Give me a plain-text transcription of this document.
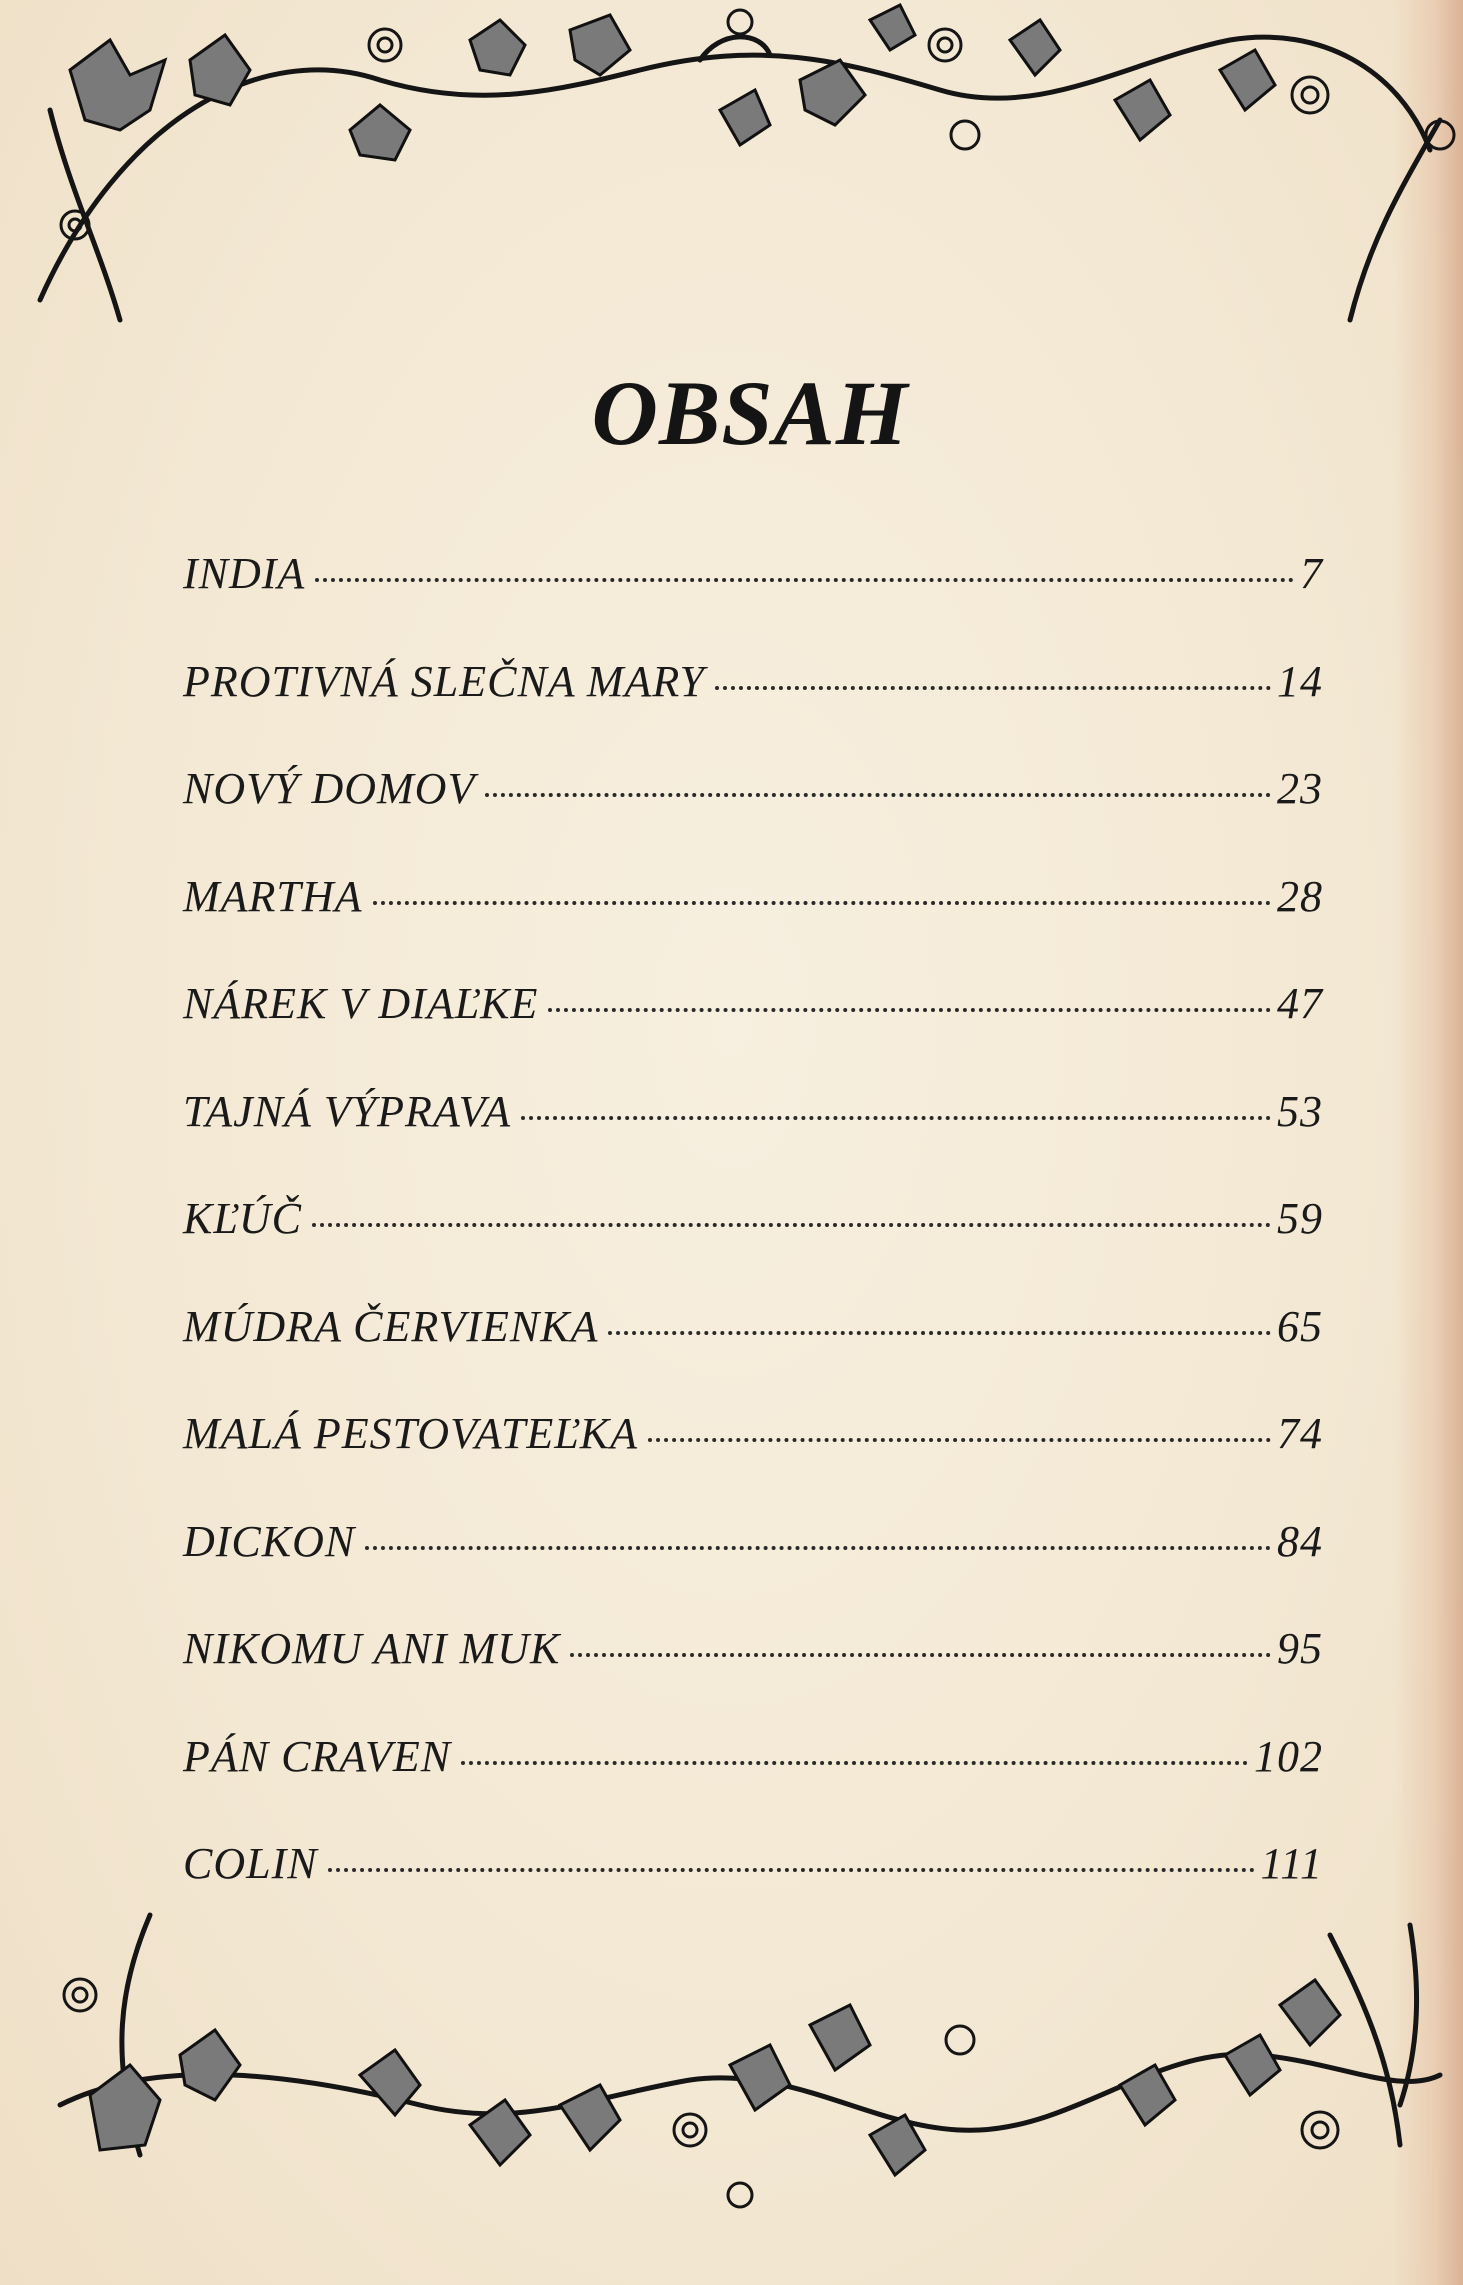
OBSAH
INDIA	7
PROTIVNÁ SLEČNA MARY	14
NOVÝ DOMOV	23
MARTHA	28
NÁREK V DIAĽKE	47
TAJNÁ VÝPRAVA	53
KĽÚČ	59
MÚDRA ČERVIENKA	65
MALÁ PESTOVATEĽKA	74
DICKON	84
NIKOMU ANI MUK	95
PÁN CRAVEN	102
COLIN	111
